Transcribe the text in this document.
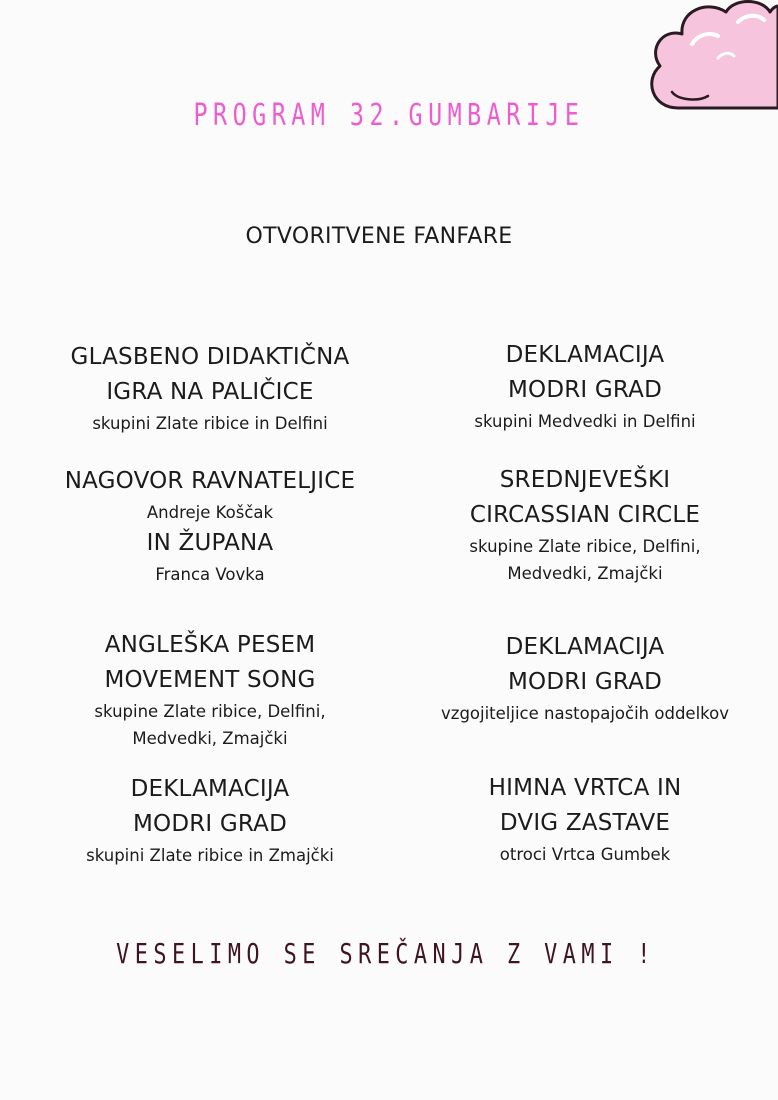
PROGRAM 32.GUMBARIJE
OTVORITVENE FANFARE
GLASBENO DIDAKTIČNA
IGRA NA PALIČICE
skupini Zlate ribice in Delfini
NAGOVOR RAVNATELJICE
Andreje Koščak
IN ŽUPANA
Franca Vovka
ANGLEŠKA PESEM
MOVEMENT SONG
skupine Zlate ribice, Delfini,
Medvedki, Zmajčki
DEKLAMACIJA
MODRI GRAD
skupini Zlate ribice in Zmajčki
DEKLAMACIJA
MODRI GRAD
skupini Medvedki in Delfini
SREDNJEVEŠKI
CIRCASSIAN CIRCLE
skupine Zlate ribice, Delfini,
Medvedki, Zmajčki
DEKLAMACIJA
MODRI GRAD
vzgojiteljice nastopajočih oddelkov
HIMNA VRTCA IN
DVIG ZASTAVE
otroci Vrtca Gumbek
VESELIMO SE SREČANJA Z VAMI !
